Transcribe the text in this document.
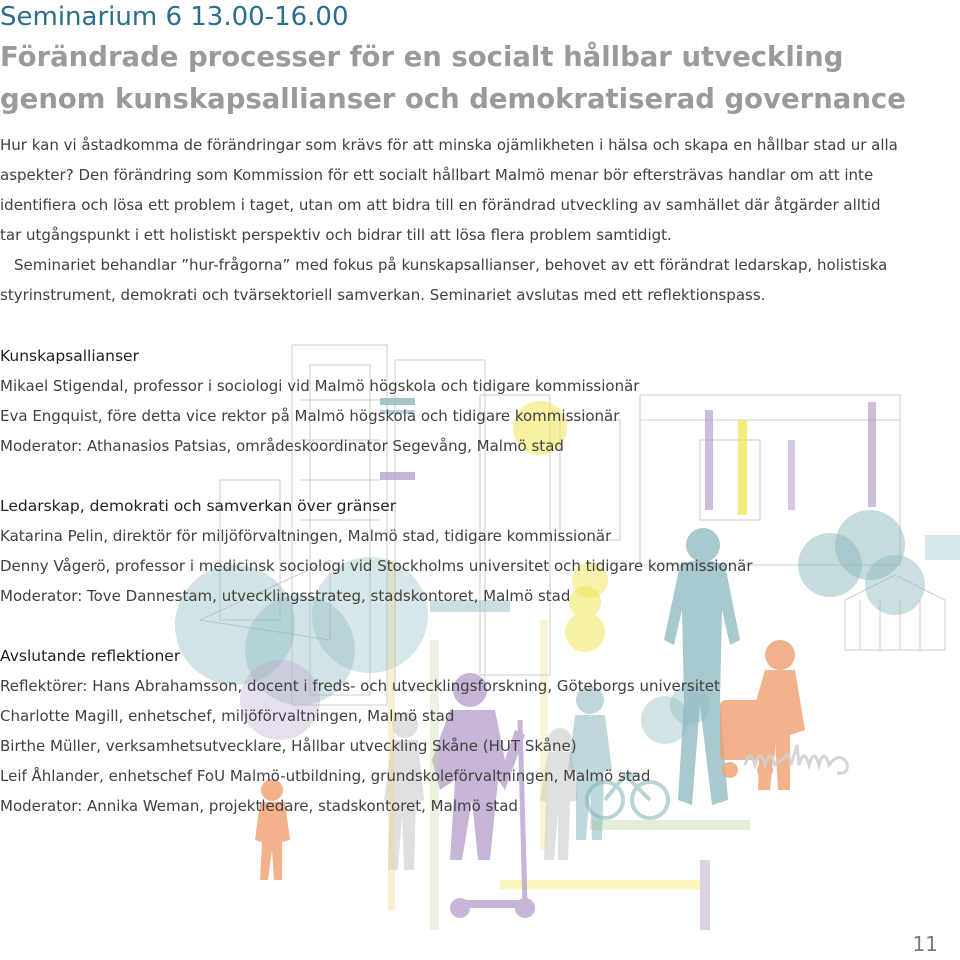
Seminarium 6 13.00-16.00
Förändrade processer för en socialt hållbar utveckling
genom kunskapsallianser och demokratiserad governance

Hur kan vi åstadkomma de förändringar som krävs för att minska ojämlikheten i hälsa och skapa en hållbar stad ur alla aspekter? Den förändring som Kommission för ett socialt hållbart Malmö menar bör eftersträvas handlar om att inte identifiera och lösa ett problem i taget, utan om att bidra till en förändrad utveckling av samhället där åtgärder alltid tar utgångspunkt i ett holistiskt perspektiv och bidrar till att lösa flera problem samtidigt.

Seminariet behandlar ”hur-frågorna” med fokus på kunskapsallianser, behovet av ett förändrat ledarskap, holistiska styrinstrument, demokrati och tvärsektoriell samverkan. Seminariet avslutas med ett reflektionspass.

Kunskapsallianser
Mikael Stigendal, professor i sociologi vid Malmö högskola och tidigare kommissionär
Eva Engquist, före detta vice rektor på Malmö högskola och tidigare kommissionär
Moderator: Athanasios Patsias, områdeskoordinator Segevång, Malmö stad
Ledarskap, demokrati och samverkan över gränser
Katarina Pelin, direktör för miljöförvaltningen, Malmö stad, tidigare kommissionär
Denny Vågerö, professor i medicinsk sociologi vid Stockholms universitet och tidigare kommissionär
Moderator: Tove Dannestam, utvecklingsstrateg, stadskontoret, Malmö stad
Avslutande reflektioner
Reflektörer: Hans Abrahamsson, docent i freds- och utvecklingsforskning, Göteborgs universitet
Charlotte Magill, enhetschef, miljöförvaltningen, Malmö stad
Birthe Müller, verksamhetsutvecklare, Hållbar utveckling Skåne (HUT Skåne)
Leif Åhlander, enhetschef FoU Malmö-utbildning, grundskoleförvaltningen, Malmö stad
Moderator: Annika Weman, projektledare, stadskontoret, Malmö stad
11
